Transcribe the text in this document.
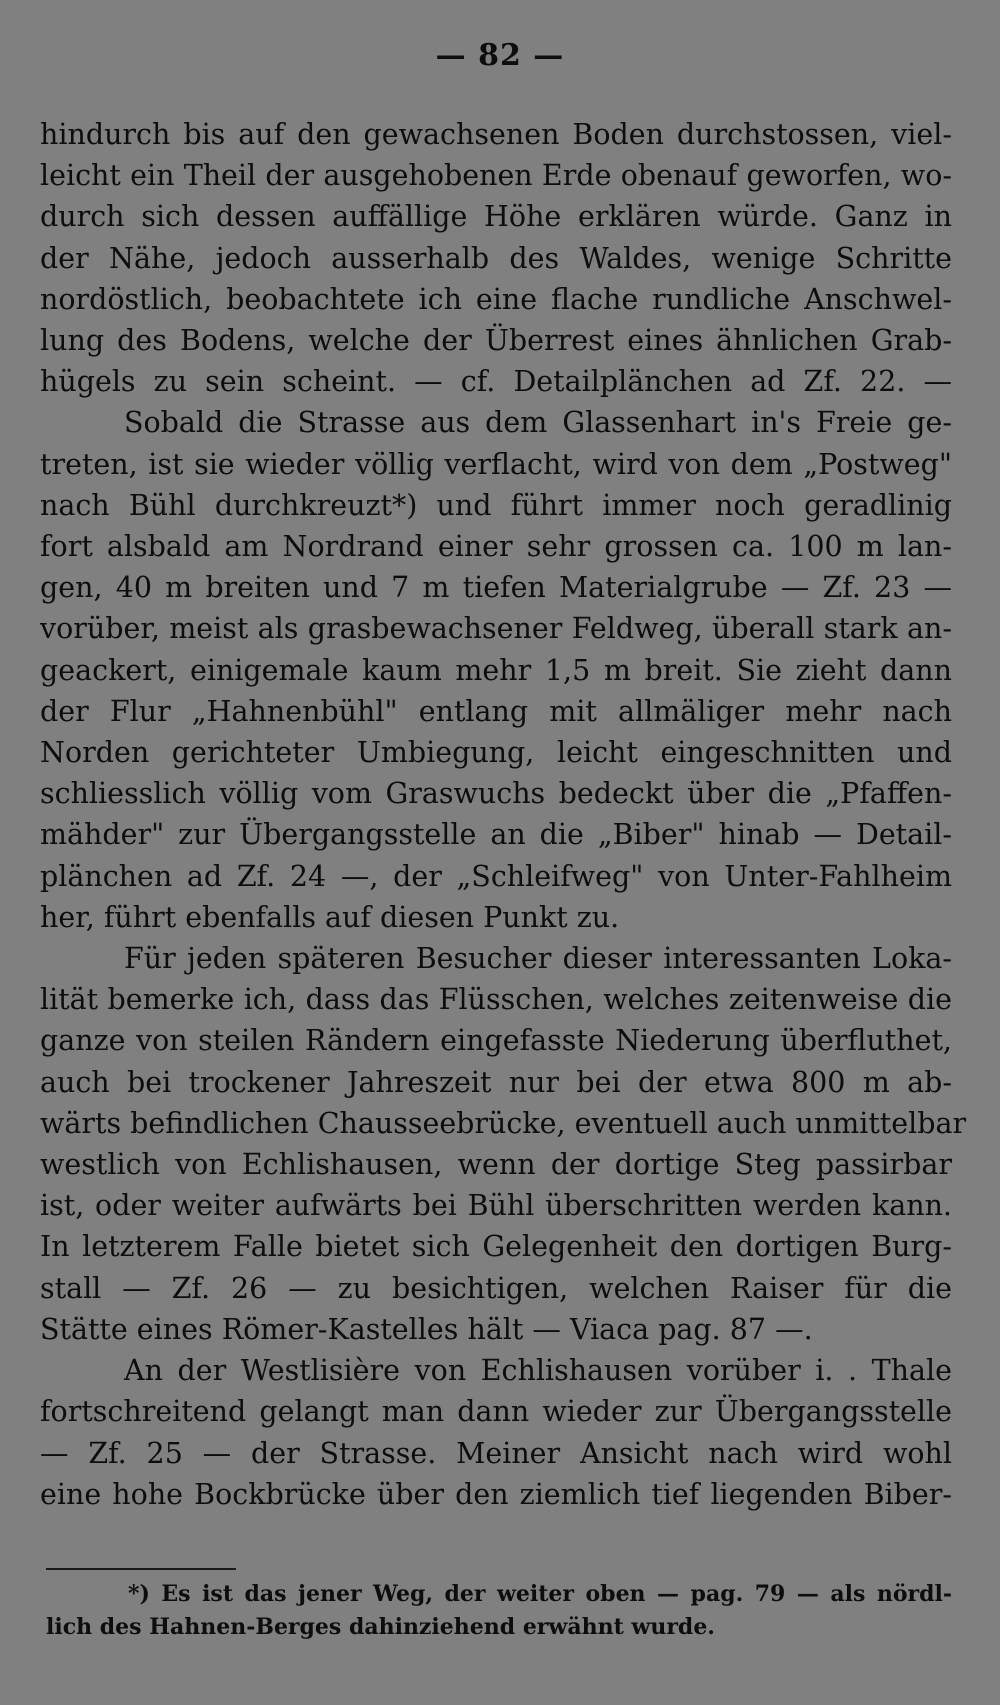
— 82 —
hindurch bis auf den gewachsenen Boden durchstossen, viel-
leicht ein Theil der ausgehobenen Erde obenauf geworfen, wo-
durch sich dessen auffällige Höhe erklären würde. Ganz in
der Nähe, jedoch ausserhalb des Waldes, wenige Schritte
nordöstlich, beobachtete ich eine flache rundliche Anschwel-
lung des Bodens, welche der Überrest eines ähnlichen Grab-
hügels zu sein scheint. — cf. Detailplänchen ad Zf. 22. —
Sobald die Strasse aus dem Glassenhart in's Freie ge-
treten, ist sie wieder völlig verflacht, wird von dem „Postweg"
nach Bühl durchkreuzt*) und führt immer noch geradlinig
fort alsbald am Nordrand einer sehr grossen ca. 100 m lan-
gen, 40 m breiten und 7 m tiefen Materialgrube — Zf. 23 —
vorüber, meist als grasbewachsener Feldweg, überall stark an-
geackert, einigemale kaum mehr 1,5 m breit. Sie zieht dann
der Flur „Hahnenbühl" entlang mit allmäliger mehr nach
Norden gerichteter Umbiegung, leicht eingeschnitten und
schliesslich völlig vom Graswuchs bedeckt über die „Pfaffen-
mähder" zur Übergangsstelle an die „Biber" hinab — Detail-
plänchen ad Zf. 24 —, der „Schleifweg" von Unter-Fahlheim
her, führt ebenfalls auf diesen Punkt zu.
Für jeden späteren Besucher dieser interessanten Loka-
lität bemerke ich, dass das Flüsschen, welches zeitenweise die
ganze von steilen Rändern eingefasste Niederung überfluthet,
auch bei trockener Jahreszeit nur bei der etwa 800 m ab-
wärts befindlichen Chausseebrücke, eventuell auch unmittelbar
westlich von Echlishausen, wenn der dortige Steg passirbar
ist, oder weiter aufwärts bei Bühl überschritten werden kann.
In letzterem Falle bietet sich Gelegenheit den dortigen Burg-
stall — Zf. 26 — zu besichtigen, welchen Raiser für die
Stätte eines Römer-Kastelles hält — Viaca pag. 87 —.
An der Westlisière von Echlishausen vorüber i. . Thale
fortschreitend gelangt man dann wieder zur Übergangsstelle
— Zf. 25 — der Strasse. Meiner Ansicht nach wird wohl
eine hohe Bockbrücke über den ziemlich tief liegenden Biber-
*) Es ist das jener Weg, der weiter oben — pag. 79 — als nördl-
lich des Hahnen-Berges dahinziehend erwähnt wurde.
